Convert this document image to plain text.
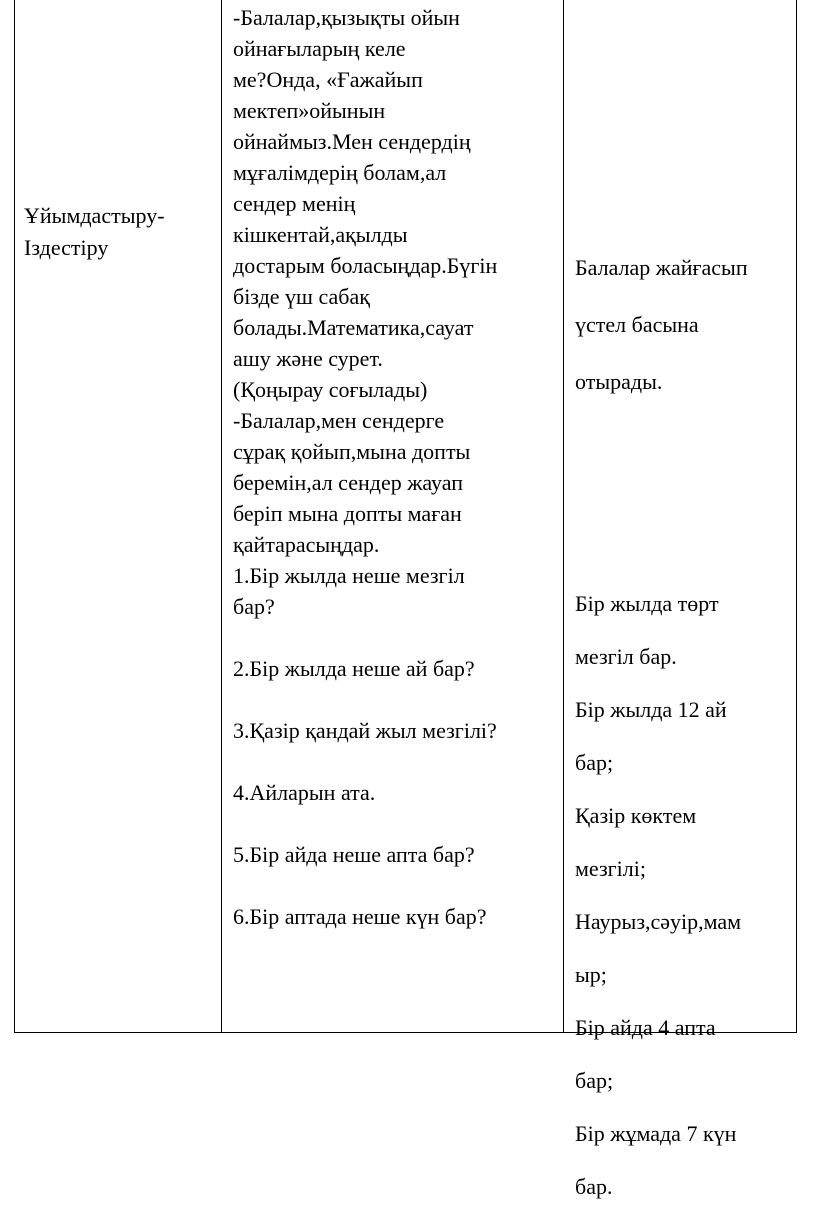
Ұйымдастыру-
Іздестіру

-Балалар,қызықты ойын

ойнағыларың келе

ме?Онда, «Ғажайып

мектеп»ойынын

ойнаймыз.Мен сендердің

мұғалімдерің болам,ал

сендер менің

кішкентай,ақылды

достарым боласыңдар.Бүгін

бізде үш сабақ

болады.Математика,сауат

ашу және сурет.

(Қоңырау соғылады)

-Балалар,мен сендерге

сұрақ қойып,мына допты

беремін,ал сендер жауап

беріп мына допты маған

қайтарасыңдар.

1.Бір жылда неше мезгіл

бар?

2.Бір жылда неше ай бар?

3.Қазір қандай жыл мезгілі?

4.Айларын ата.

5.Бір айда неше апта бар?

6.Бір аптада неше күн бар?

Балалар жайғасып

үстел басына

отырады.

Бір жылда төрт

мезгіл бар.

Бір жылда 12 ай

бар;

Қазір көктем

мезгілі;

Наурыз,сәуір,мам

ыр;

Бір айда 4 апта

бар;

Бір жұмада 7 күн

бар.
